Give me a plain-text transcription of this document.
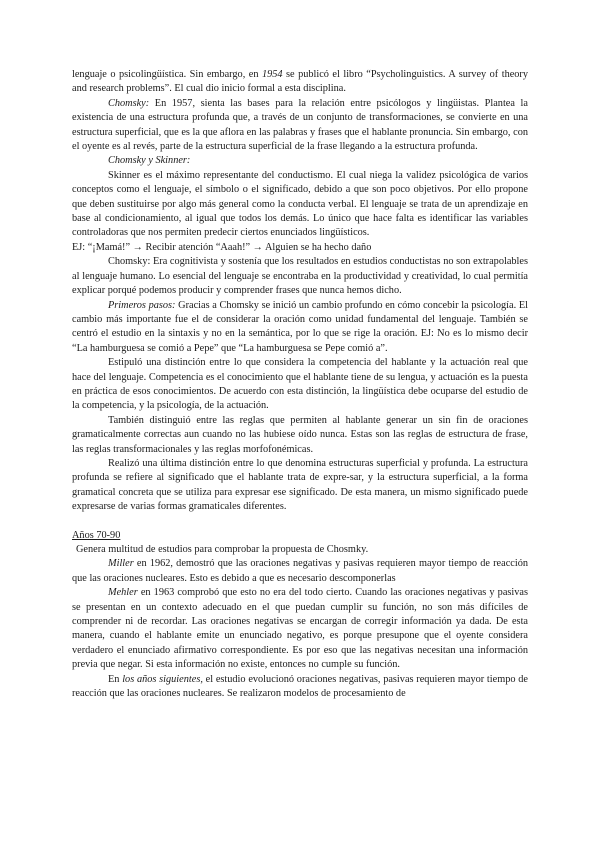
lenguaje o psicolingüística. Sin embargo, en 1954 se publicó el libro “Psycholinguistics. A survey of theory and research problems”. El cual dio inicio formal a esta disciplina.

Chomsky: En 1957, sienta las bases para la relación entre psicólogos y lingüistas. Plantea la existencia de una estructura profunda que, a través de un conjunto de transformaciones, se convierte en una estructura superficial, que es la que aflora en las palabras y frases que el hablante pronuncia. Sin embargo, con el oyente es al revés, parte de la estructura superficial de la frase llegando a la estructura profunda.

Chomsky y Skinner:

Skinner es el máximo representante del conductismo. El cual niega la validez psicológica de varios conceptos como el lenguaje, el símbolo o el significado, debido a que son poco objetivos. Por ello propone que deben sustituirse por algo más general como la conducta verbal. El lenguaje se trata de un aprendizaje en base al condicionamiento, al igual que todos los demás. Lo único que hace falta es identificar las variables controladoras que nos permiten predecir ciertos enunciados lingüísticos.

EJ: “¡Mamá!” → Recibir atención “Aaah!” → Alguien se ha hecho daño

Chomsky: Era cognitivista y sostenía que los resultados en estudios conductistas no son extrapolables al lenguaje humano. Lo esencial del lenguaje se encontraba en la productividad y creatividad, lo cual permitía explicar porqué podemos producir y comprender frases que nunca hemos dicho.

Primeros pasos: Gracias a Chomsky se inició un cambio profundo en cómo concebir la psicología. El cambio más importante fue el de considerar la oración como unidad fundamental del lenguaje. También se centró el estudio en la sintaxis y no en la semántica, por lo que se rige la oración. EJ: No es lo mismo decir “La hamburguesa se comió a Pepe” que “La hamburguesa se Pepe comió a”.

Estipuló una distinción entre lo que considera la competencia del hablante y la actuación real que hace del lenguaje. Competencia es el conocimiento que el hablante tiene de su lengua, y actuación es la puesta en práctica de esos conocimientos. De acuerdo con esta distinción, la lingüística debe ocuparse del estudio de la competencia, y la psicología, de la actuación.

También distinguió entre las reglas que permiten al hablante generar un sin fin de oraciones gramaticalmente correctas aun cuando no las hubiese oído nunca. Estas son las reglas de estructura de frase, las reglas transformacionales y las reglas morfofonémicas.

Realizó una última distinción entre lo que denomina estructuras superficial y profunda. La estructura profunda se refiere al significado que el hablante trata de expre-sar, y la estructura superficial, a la forma gramatical concreta que se utiliza para expresar ese significado. De esta manera, un mismo significado puede expresarse de varias formas gramaticales diferentes.

Años 70-90

Genera multitud de estudios para comprobar la propuesta de Chosmky.

Miller en 1962, demostró que las oraciones negativas y pasivas requieren mayor tiempo de reacción que las oraciones nucleares. Esto es debido a que es necesario descomponerlas

Mehler en 1963 comprobó que esto no era del todo cierto. Cuando las oraciones negativas y pasivas se presentan en un contexto adecuado en el que puedan cumplir su función, no son más difíciles de comprender ni de recordar. Las oraciones negativas se encargan de corregir información ya dada. De esta manera, cuando el hablante emite un enunciado negativo, es porque presupone que el oyente considera verdadero el enunciado afirmativo correspondiente. Es por eso que las negativas necesitan una información previa que negar. Si esta información no existe, entonces no cumple su función.

En los años siguientes, el estudio evolucionó oraciones negativas, pasivas requieren mayor tiempo de reacción que las oraciones nucleares. Se realizaron modelos de procesamiento de
